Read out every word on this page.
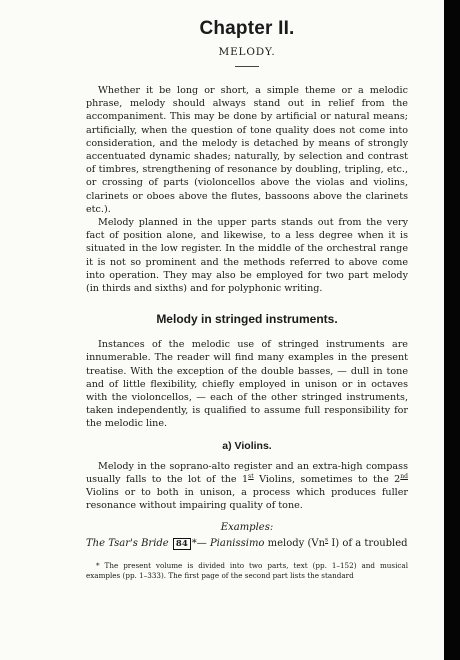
Chapter II.
MELODY.

Whether it be long or short, a simple theme or a melodic phrase, melody should always stand out in relief from the accompaniment. This may be done by artificial or natural means; artificially, when the question of tone quality does not come into consideration, and the melody is detached by means of strongly accentuated dynamic shades; naturally, by selection and contrast of timbres, strengthening of resonance by doubling, tripling, etc., or crossing of parts (violoncellos above the violas and violins, clarinets or oboes above the flutes, bassoons above the clarinets etc.).

Melody planned in the upper parts stands out from the very fact of position alone, and likewise, to a less degree when it is situated in the low register. In the middle of the orchestral range it is not so prominent and the methods referred to above come into operation. They may also be employed for two part melody (in thirds and sixths) and for polyphonic writing.

Melody in stringed instruments.

Instances of the melodic use of stringed instruments are innumerable. The reader will find many examples in the present treatise. With the exception of the double basses, — dull in tone and of little flexibility, chiefly employed in unison or in octaves with the violoncellos, — each of the other stringed instruments, taken independently, is qualified to assume full responsibility for the melodic line.

a) Violins.

Melody in the soprano-alto register and an extra-high compass usually falls to the lot of the 1st Violins, sometimes to the 2nd Violins or to both in unison, a process which produces fuller resonance without impairing quality of tone.

Examples:

The Tsar's Bride 84 *— Pianissimo melody (Vn$^s$ I) of a troubled

* The present volume is divided into two parts, text (pp. 1–152) and musical examples (pp. 1–333). The first page of the second part lists the standard
